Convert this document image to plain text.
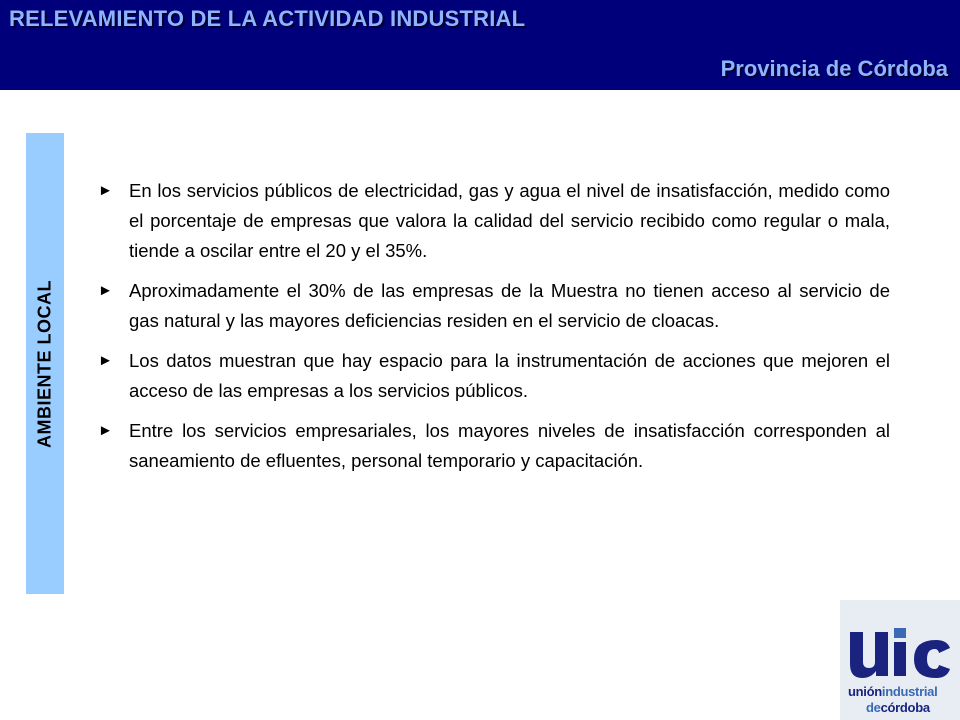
RELEVAMIENTO DE LA ACTIVIDAD INDUSTRIAL
Provincia de Córdoba
AMBIENTE LOCAL
► En los servicios públicos de electricidad, gas y agua el nivel de insatisfacción, medido como el porcentaje de empresas que valora la calidad del servicio recibido como regular o mala, tiende a oscilar entre el 20 y el 35%.
► Aproximadamente el 30% de las empresas de la Muestra no tienen acceso al servicio de gas natural y las mayores deficiencias residen en el servicio de cloacas.
► Los datos muestran que hay espacio para la instrumentación de acciones que mejoren el acceso de las empresas a los servicios públicos.
► Entre los servicios empresariales, los mayores niveles de insatisfacción corresponden al saneamiento de efluentes, personal temporario y capacitación.
uniónindustrial
decórdoba
